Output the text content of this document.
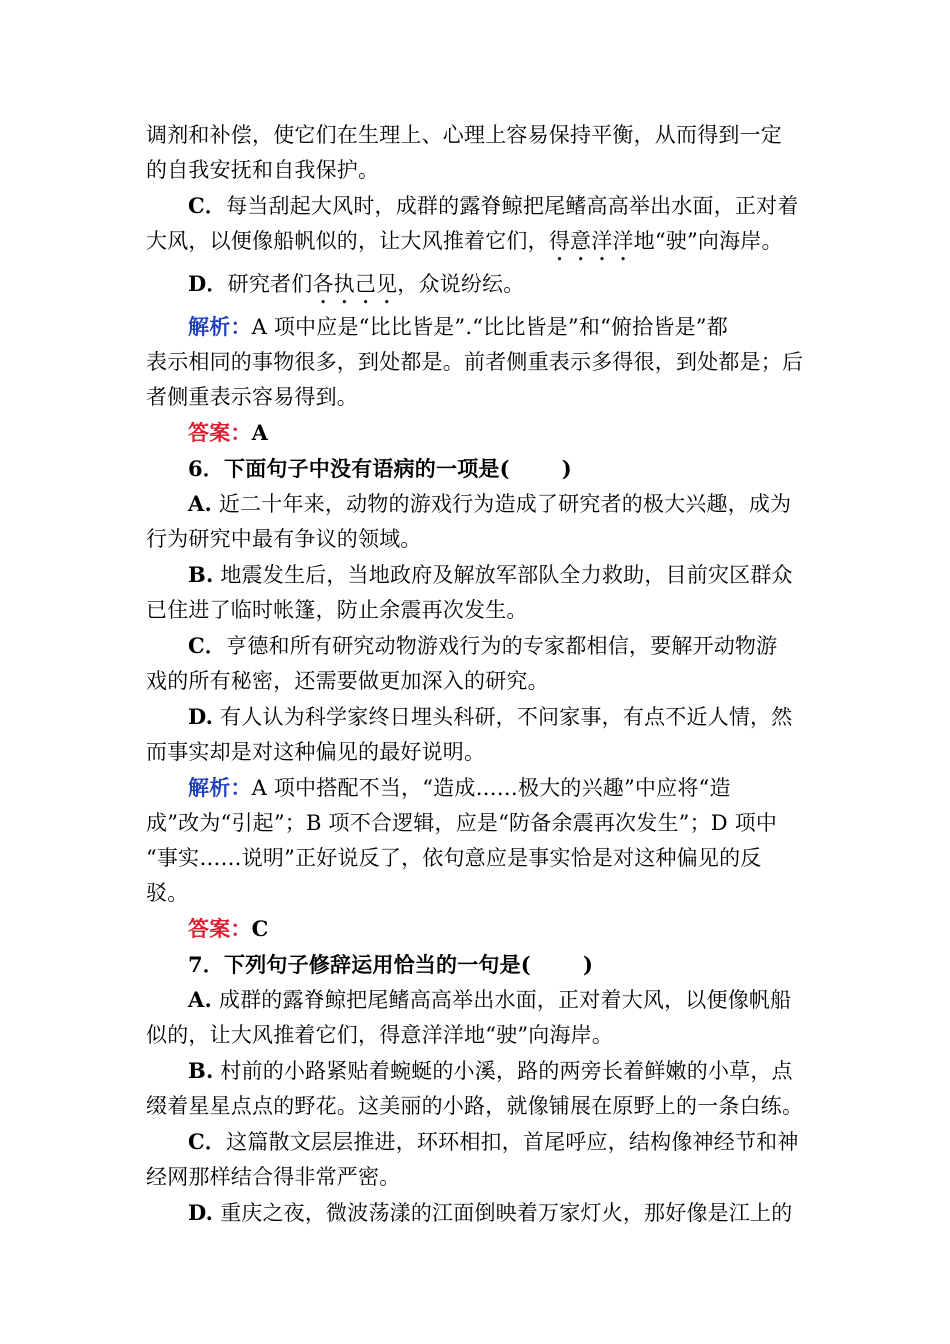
调剂和补偿，使它们在生理上、心理上容易保持平衡，从而得到一定
的自我安抚和自我保护。
C．每当刮起大风时，成群的露脊鲸把尾鳍高高举出水面，正对着
大风，以便像船帆似的，让大风推着它们，得意洋洋地“驶”向海岸。
D．研究者们各执己见，众说纷纭。
解析：A 项中应是“比比皆是”.“比比皆是”和“俯拾皆是”都
表示相同的事物很多，到处都是。前者侧重表示多得很，到处都是；后
者侧重表示容易得到。
答案：A
6．下面句子中没有语病的一项是( )
A. 近二十年来，动物的游戏行为造成了研究者的极大兴趣，成为
行为研究中最有争议的领域。
B. 地震发生后，当地政府及解放军部队全力救助，目前灾区群众
已住进了临时帐篷，防止余震再次发生。
C．亨德和所有研究动物游戏行为的专家都相信，要解开动物游
戏的所有秘密，还需要做更加深入的研究。
D. 有人认为科学家终日埋头科研，不问家事，有点不近人情，然
而事实却是对这种偏见的最好说明。
解析：A 项中搭配不当，“造成……极大的兴趣”中应将“造
成”改为“引起”；B 项不合逻辑，应是“防备余震再次发生”；D 项中
“事实……说明”正好说反了，依句意应是事实恰是对这种偏见的反
驳。
答案：C
7．下列句子修辞运用恰当的一句是( )
A. 成群的露脊鲸把尾鳍高高举出水面，正对着大风，以便像帆船
似的，让大风推着它们，得意洋洋地“驶”向海岸。
B. 村前的小路紧贴着蜿蜒的小溪，路的两旁长着鲜嫩的小草，点
缀着星星点点的野花。这美丽的小路，就像铺展在原野上的一条白练。
C．这篇散文层层推进，环环相扣，首尾呼应，结构像神经节和神
经网那样结合得非常严密。
D. 重庆之夜，微波荡漾的江面倒映着万家灯火，那好像是江上的
